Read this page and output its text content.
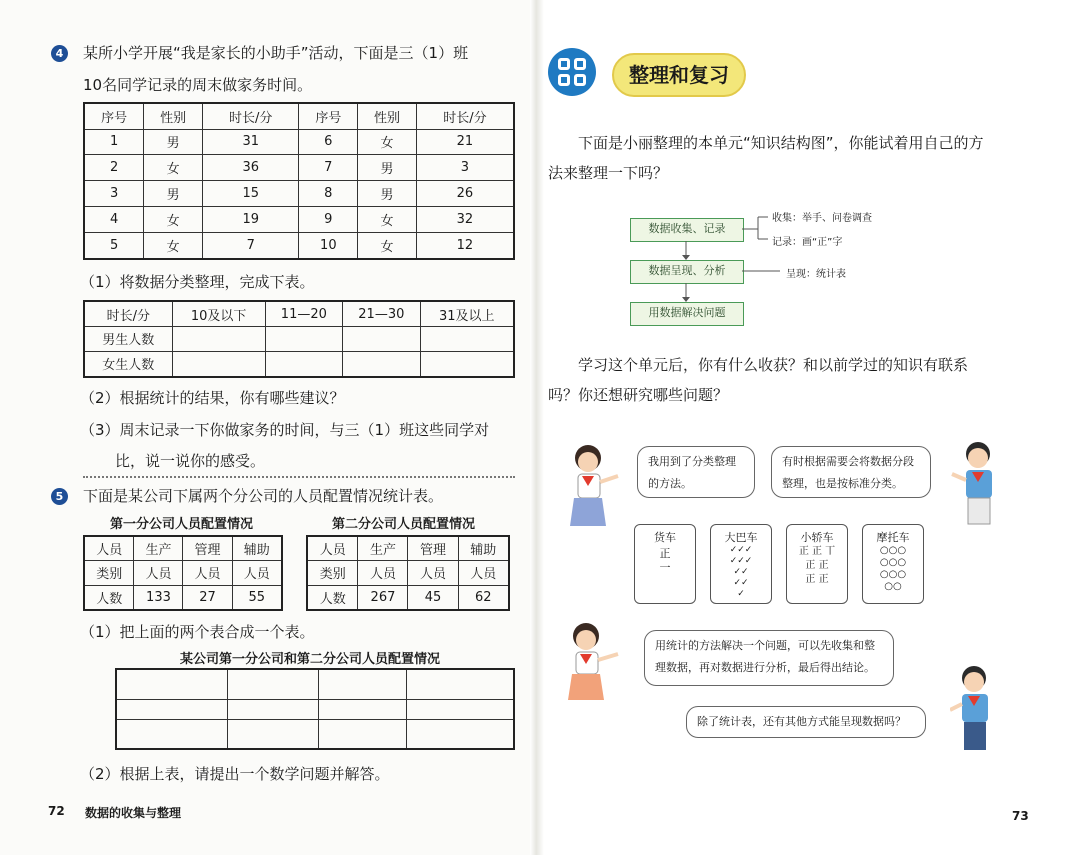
4	某所小学开展“我是家长的小助手”活动，下面是三（1）班
10名同学记录的周末做家务时间。
序号	性别	时长/分	序号	性别	时长/分
1	男	31	6	女	21
2	女	36	7	男	3
3	男	15	8	男	26
4	女	19	9	女	32
5	女	7	10	女	12
（1）将数据分类整理，完成下表。
时长/分	10及以下	11—20	21—30	31及以上
男生人数				
女生人数				
（2）根据统计的结果，你有哪些建议？
（3）周末记录一下你做家务的时间，与三（1）班这些同学对
比，说一说你的感受。
5	下面是某公司下属两个分公司的人员配置情况统计表。
第一分公司人员配置情况	第二分公司人员配置情况
人员	生产	管理	辅助
类别	人员	人员	人员
人数	133	27	55
人员	生产	管理	辅助
类别	人员	人员	人员
人数	267	45	62
（1）把上面的两个表合成一个表。
某公司第一分公司和第二分公司人员配置情况

（2）根据上表，请提出一个数学问题并解答。
72 数据的收集与整理
整理和复习
下面是小丽整理的本单元“知识结构图”，你能试着用自己的方
法来整理一下吗？
数据收集、记录
数据呈现、分析
用数据解决问题
收集：举手、问卷调查
记录：画“正”字
呈现：统计表
学习这个单元后，你有什么收获？和以前学过的知识有联系
吗？你还想研究哪些问题？
我用到了分类整理的方法。
有时根据需要会将数据分段整理，也是按标准分类。
货车
正
一
大巴车
✓✓✓
✓✓✓
✓✓
✓✓
✓
小轿车
正 正 丅
正 正
正 正
摩托车
○○○
○○○
○○○
○○
用统计的方法解决一个问题，可以先收集和整理数据，再对数据进行分析，最后得出结论。
除了统计表，还有其他方式能呈现数据吗？
73
